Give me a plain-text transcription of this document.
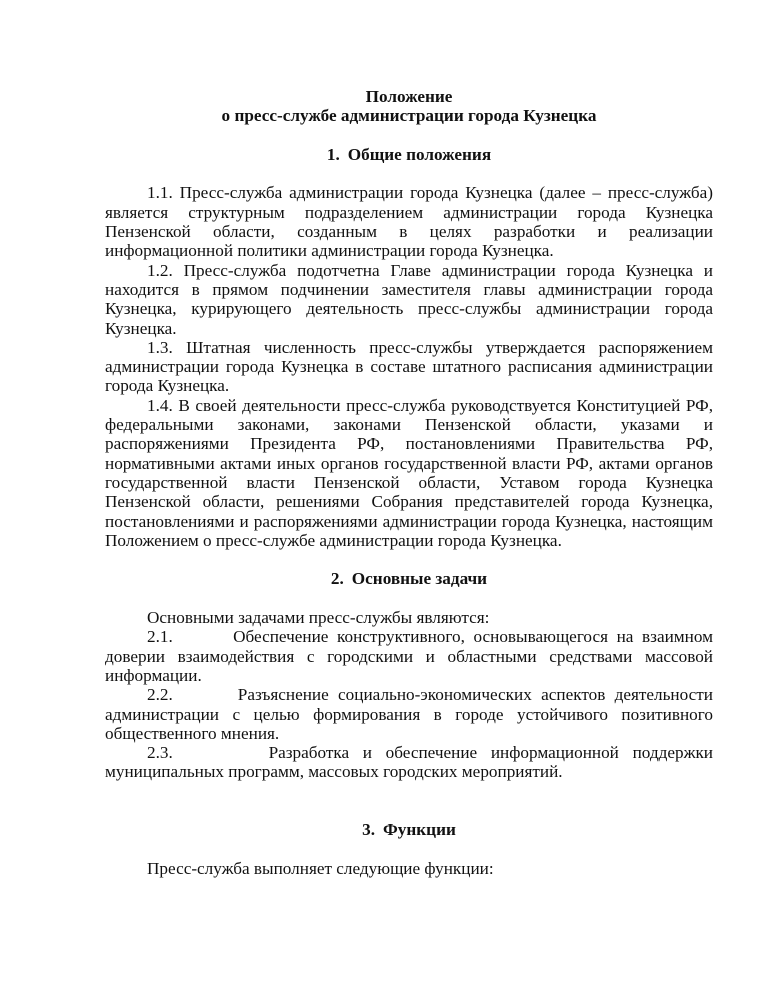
Положение
о пресс-службе администрации города Кузнецка
1. Общие положения

1.1. Пресс-служба администрации города Кузнецка (далее – пресс-служба) является структурным подразделением администрации города Кузнецка Пензенской области, созданным в целях разработки и реализации информационной политики администрации города Кузнецка.

1.2. Пресс-служба подотчетна Главе администрации города Кузнецка и находится в прямом подчинении заместителя главы администрации города Кузнецка, курирующего деятельность пресс-службы администрации города Кузнецка.

1.3. Штатная численность пресс-службы утверждается распоряжением администрации города Кузнецка в составе штатного расписания администрации города Кузнецка.

1.4. В своей деятельности пресс-служба руководствуется Конституцией РФ, федеральными законами, законами Пензенской области, указами и распоряжениями Президента РФ, постановлениями Правительства РФ, нормативными актами иных органов государственной власти РФ, актами органов государственной власти Пензенской области, Уставом города Кузнецка Пензенской области, решениями Собрания представителей города Кузнецка, постановлениями и распоряжениями администрации города Кузнецка, настоящим Положением о пресс-службе администрации города Кузнецка.

2. Основные задачи

Основными задачами пресс-службы являются:

2.1.	Обеспечение конструктивного, основывающегося на взаимном доверии взаимодействия с городскими и областными средствами массовой информации.

2.2.	Разъяснение социально-экономических аспектов деятельности администрации с целью формирования в городе устойчивого позитивного общественного мнения.

2.3.	Разработка и обеспечение информационной поддержки муниципальных программ, массовых городских мероприятий.

3. Функции

Пресс-служба выполняет следующие функции:
